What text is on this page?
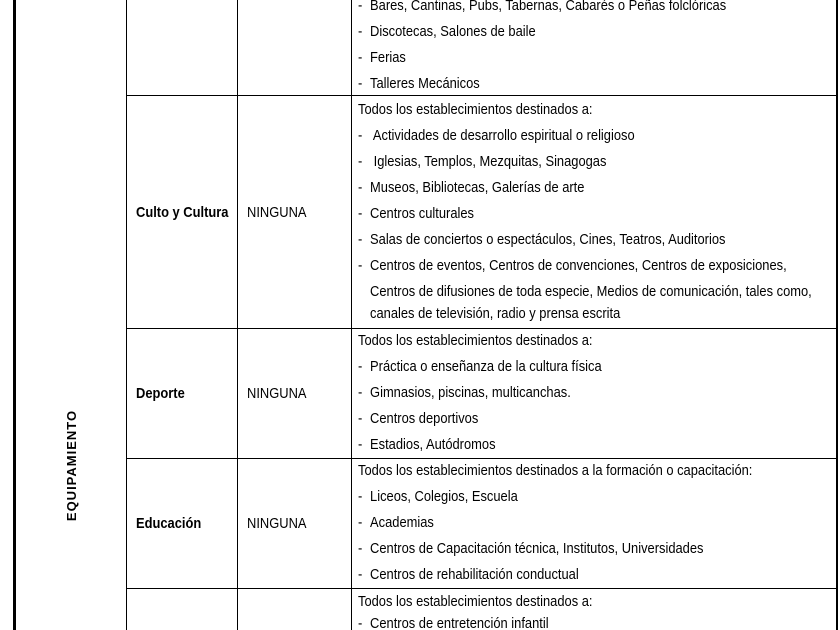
EQUIPAMIENTO
- Bares, Cantinas, Pubs, Tabernas, Cabarés o Peñas folclóricas
- Discotecas, Salones de baile
- Ferias
- Talleres Mecánicos
Culto y Cultura NINGUNA
Todos los establecimientos destinados a:
- Actividades de desarrollo espiritual o religioso
- Iglesias, Templos, Mezquitas, Sinagogas
- Museos, Bibliotecas, Galerías de arte
- Centros culturales
- Salas de conciertos o espectáculos, Cines, Teatros, Auditorios
- Centros de eventos, Centros de convenciones, Centros de exposiciones,
Centros de difusiones de toda especie, Medios de comunicación, tales como,
canales de televisión, radio y prensa escrita
Deporte	NINGUNA
Todos los establecimientos destinados a:
- Práctica o enseñanza de la cultura física
- Gimnasios, piscinas, multicanchas.
- Centros deportivos
- Estadios, Autódromos
Educación	NINGUNA
Todos los establecimientos destinados a la formación o capacitación:
- Liceos, Colegios, Escuela
- Academias
- Centros de Capacitación técnica, Institutos, Universidades
- Centros de rehabilitación conductual
Todos los establecimientos destinados a:
- Centros de entretención infantil
